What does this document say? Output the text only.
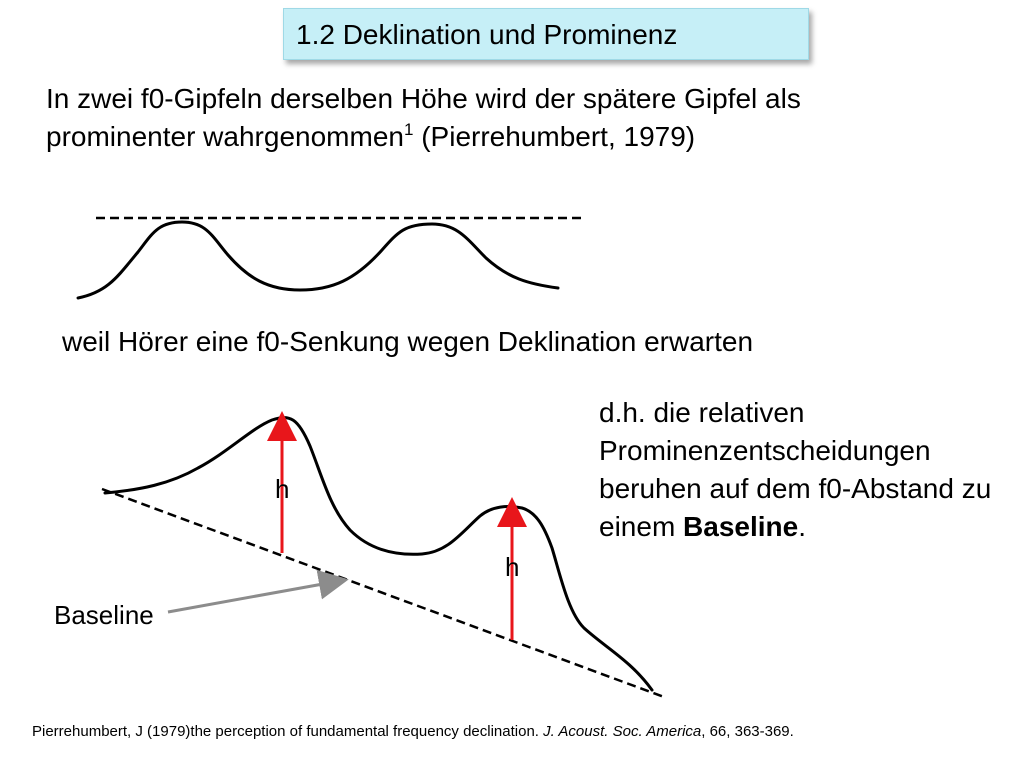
1.2 Deklination und Prominenz
In zwei f0-Gipfeln derselben Höhe wird der spätere Gipfel als prominenter wahrgenommen$^1$ (Pierrehumbert, 1979)
weil Hörer eine f0-Senkung wegen Deklination erwarten
d.h. die relativen Prominenzentscheidungen beruhen auf dem f0-Abstand zu einem Baseline.
h
h
Baseline
Pierrehumbert, J (1979)the perception of fundamental frequency declination. J. Acoust. Soc. America, 66, 363-369.
